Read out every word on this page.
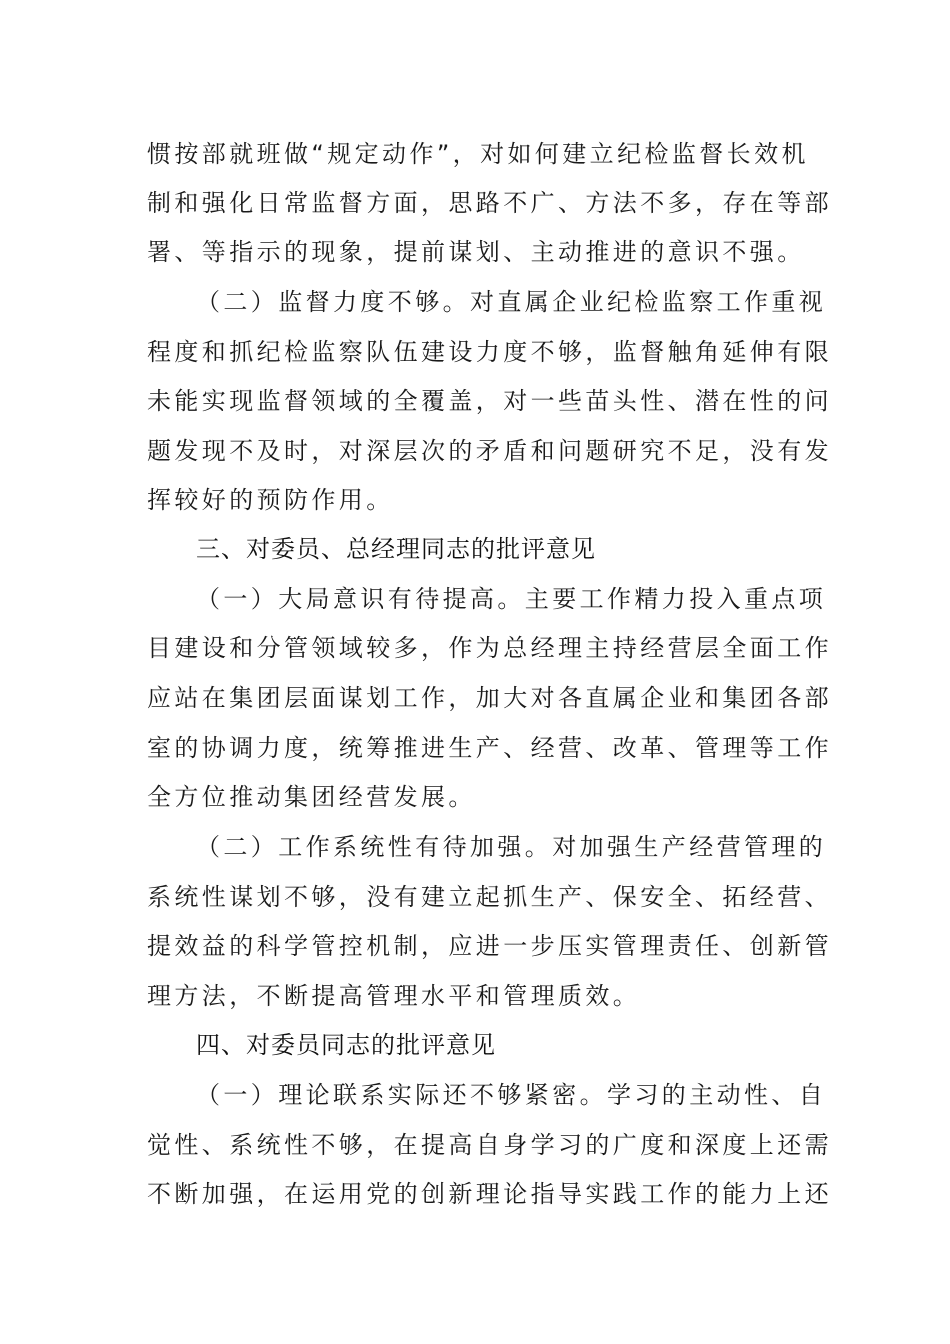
惯按部就班做“规定动作”，对如何建立纪检监督长效机
制和强化日常监督方面，思路不广、方法不多，存在等部
署、等指示的现象，提前谋划、主动推进的意识不强。
（二）监督力度不够。对直属企业纪检监察工作重视
程度和抓纪检监察队伍建设力度不够，监督触角延伸有限
未能实现监督领域的全覆盖，对一些苗头性、潜在性的问
题发现不及时，对深层次的矛盾和问题研究不足，没有发
挥较好的预防作用。
三、对委员、总经理同志的批评意见
（一）大局意识有待提高。主要工作精力投入重点项
目建设和分管领域较多，作为总经理主持经营层全面工作
应站在集团层面谋划工作，加大对各直属企业和集团各部
室的协调力度，统筹推进生产、经营、改革、管理等工作
全方位推动集团经营发展。
（二）工作系统性有待加强。对加强生产经营管理的
系统性谋划不够，没有建立起抓生产、保安全、拓经营、
提效益的科学管控机制，应进一步压实管理责任、创新管
理方法，不断提高管理水平和管理质效。
四、对委员同志的批评意见
（一）理论联系实际还不够紧密。学习的主动性、自
觉性、系统性不够，在提高自身学习的广度和深度上还需
不断加强，在运用党的创新理论指导实践工作的能力上还
